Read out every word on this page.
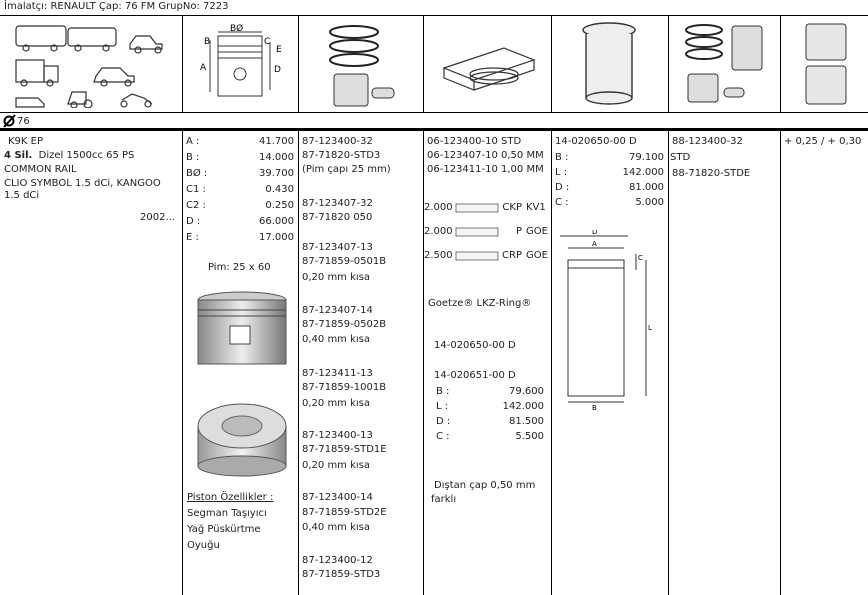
İmalatçı: RENAULT Çap: 76 FM GrupNo: 7223
BØ
B	C
E
A	D
76
K9K EP
4 Sil. Dizel 1500cc 65 PS
COMMON RAIL
CLIO SYMBOL 1.5 dCi, KANGOO
1.5 dCi
2002...
A :	41.700
B :	14.000
BØ :	39.700
C1 :	0.430
C2 :	0.250
D :	66.000
E :	17.000
Pim: 25 x 60
Piston Özellikler :
Segman Taşıyıcı
Yağ Püskürtme
Oyuğu
87-123400-32
87-71820-STD3
(Pim çapı 25 mm)
87-123407-32
87-71820 050
87-123407-13
87-71859-0501B
0,20 mm kısa
87-123407-14
87-71859-0502B
0,40 mm kısa
87-123411-13
87-71859-1001B
0,20 mm kısa
87-123400-13
87-71859-STD1E
0,20 mm kısa
87-123400-14
87-71859-STD2E
0,40 mm kısa
87-123400-12
87-71859-STD3
06-123400-10 STD
06-123407-10 0,50 MM
06-123411-10 1,00 MM
2.000	CKP KV1
2.000	P GOE
2.500	CRP GOE
Goetze® LKZ-Ring®
14-020650-00 D
14-020651-00 D
B :	79.600
L :	142.000
D :	81.500
C :	5.500
Dıştan çap 0,50 mm
farklı
14-020650-00 D
B :	79.100
L :	142.000
D :	81.000
C :	5.000
D
A
C
L
B
88-123400-32
STD
88-71820-STDE
+ 0,25 / + 0,30
